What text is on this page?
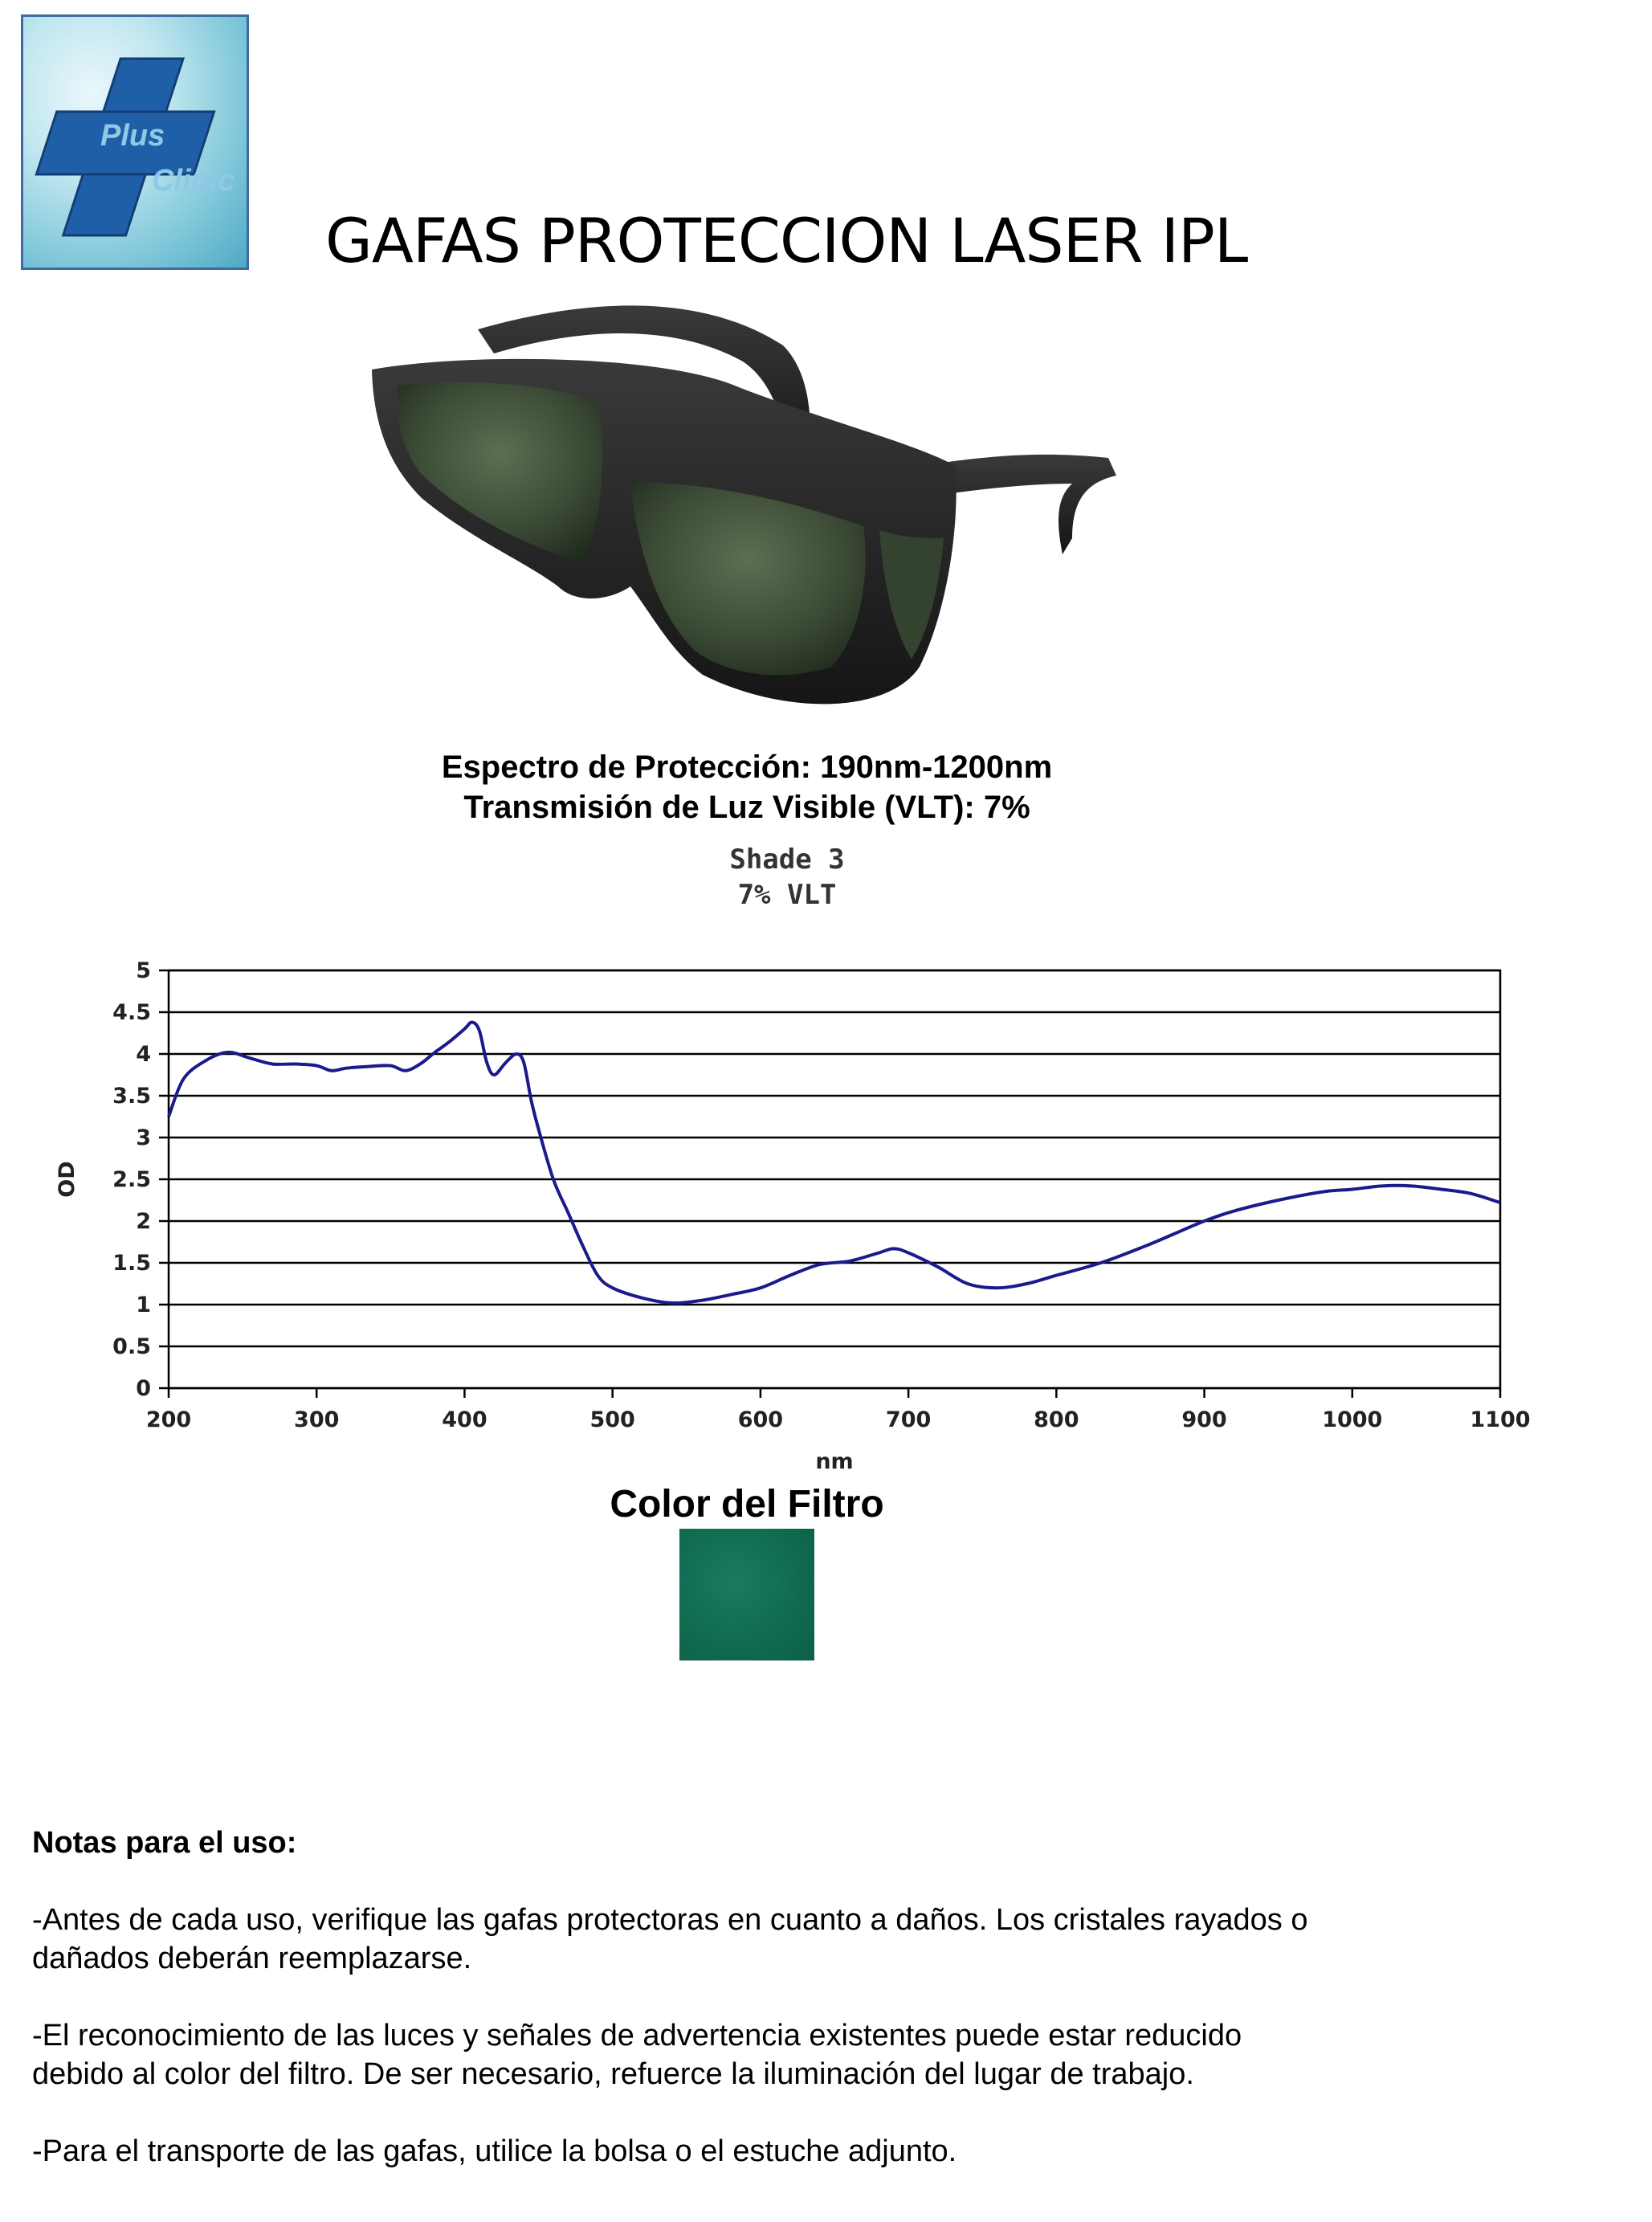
Plus
Clinic
GAFAS PROTECCION LASER IPL
Espectro de Protección: 190nm-1200nm
Transmisión de Luz Visible (VLT): 7%
Shade 3
7% VLT
0
0.5
1
1.5
2
2.5
3
3.5
4
4.5
5
200	300	400	500	600	700	800	900	1000	1100
nm
OD
Color del Filtro
Notas para el uso:

-Antes de cada uso, verifique las gafas protectoras en cuanto a daños. Los cristales rayados o
dañados deberán reemplazarse.

-El reconocimiento de las luces y señales de advertencia existentes puede estar reducido
debido al color del filtro. De ser necesario, refuerce la iluminación del lugar de trabajo.

-Para el transporte de las gafas, utilice la bolsa o el estuche adjunto.
